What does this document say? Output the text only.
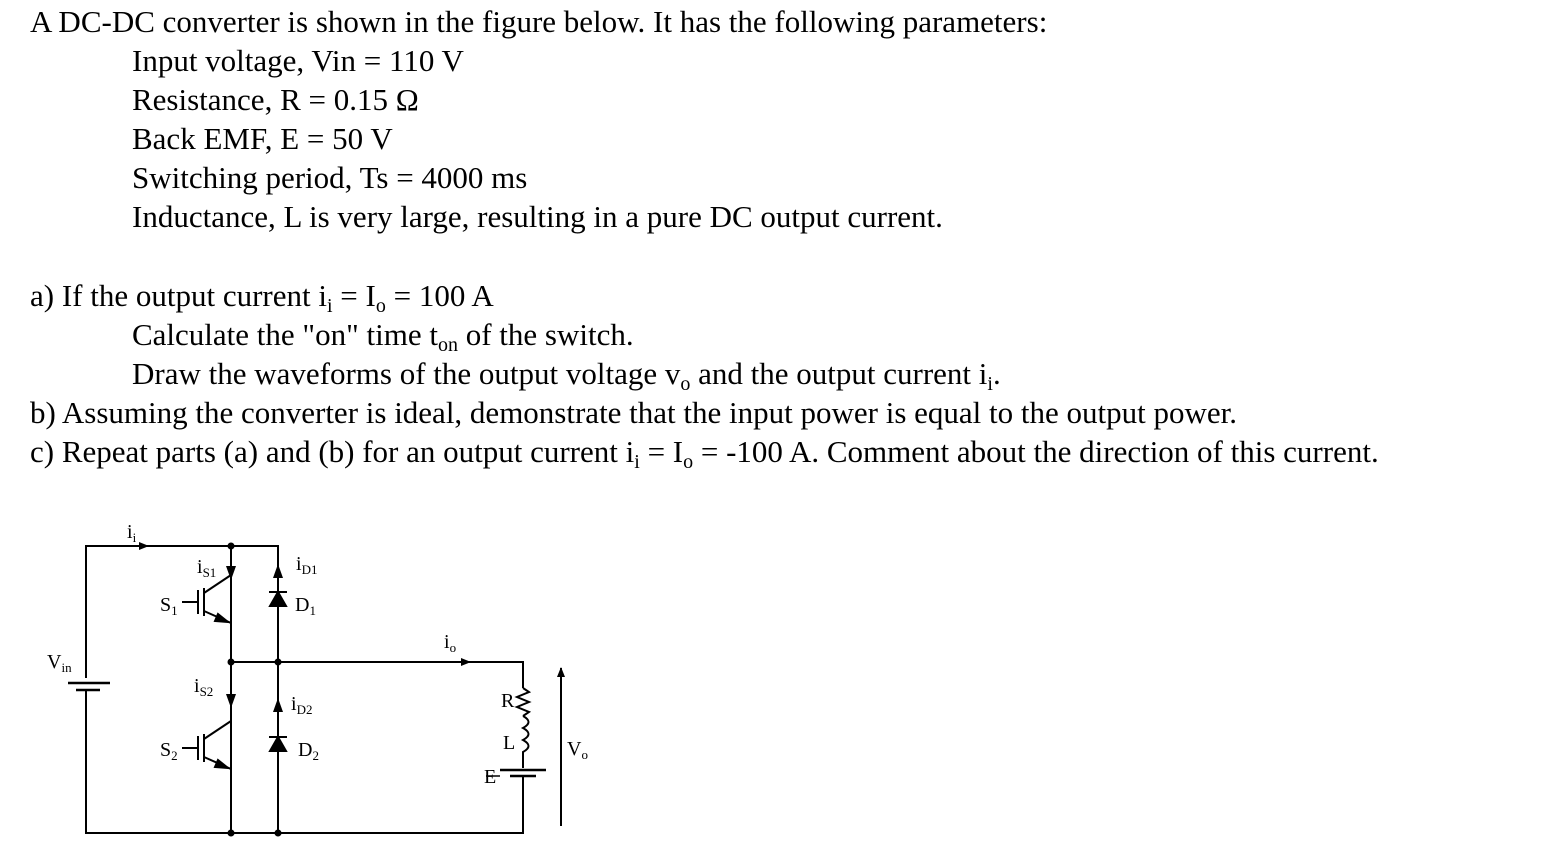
A DC-DC converter is shown in the figure below. It has the following parameters:
Input voltage, Vin = 110 V
Resistance, R = 0.15 Ω
Back EMF, E = 50 V
Switching period, Ts = 4000 ms
Inductance, L is very large, resulting in a pure DC output current.
a) If the output current $i_i = I_o = 100$ A
Calculate the "on" time $t_{on}$ of the switch.
Draw the waveforms of the output voltage $v_o$ and the output current $i_i$.
b) Assuming the converter is ideal, demonstrate that the input power is equal to the output power.
c) Repeat parts (a) and (b) for an output current $i_i = I_o = -100$ A. Comment about the direction of this current.
$i_i$
$i_{S1}$
$S_1$
$i_{D1}$
$D_1$
$i_o$
$V_{in}$
$i_{S2}$
$S_2$
$i_{D2}$
$D_2$
R
L
E
$V_o$
